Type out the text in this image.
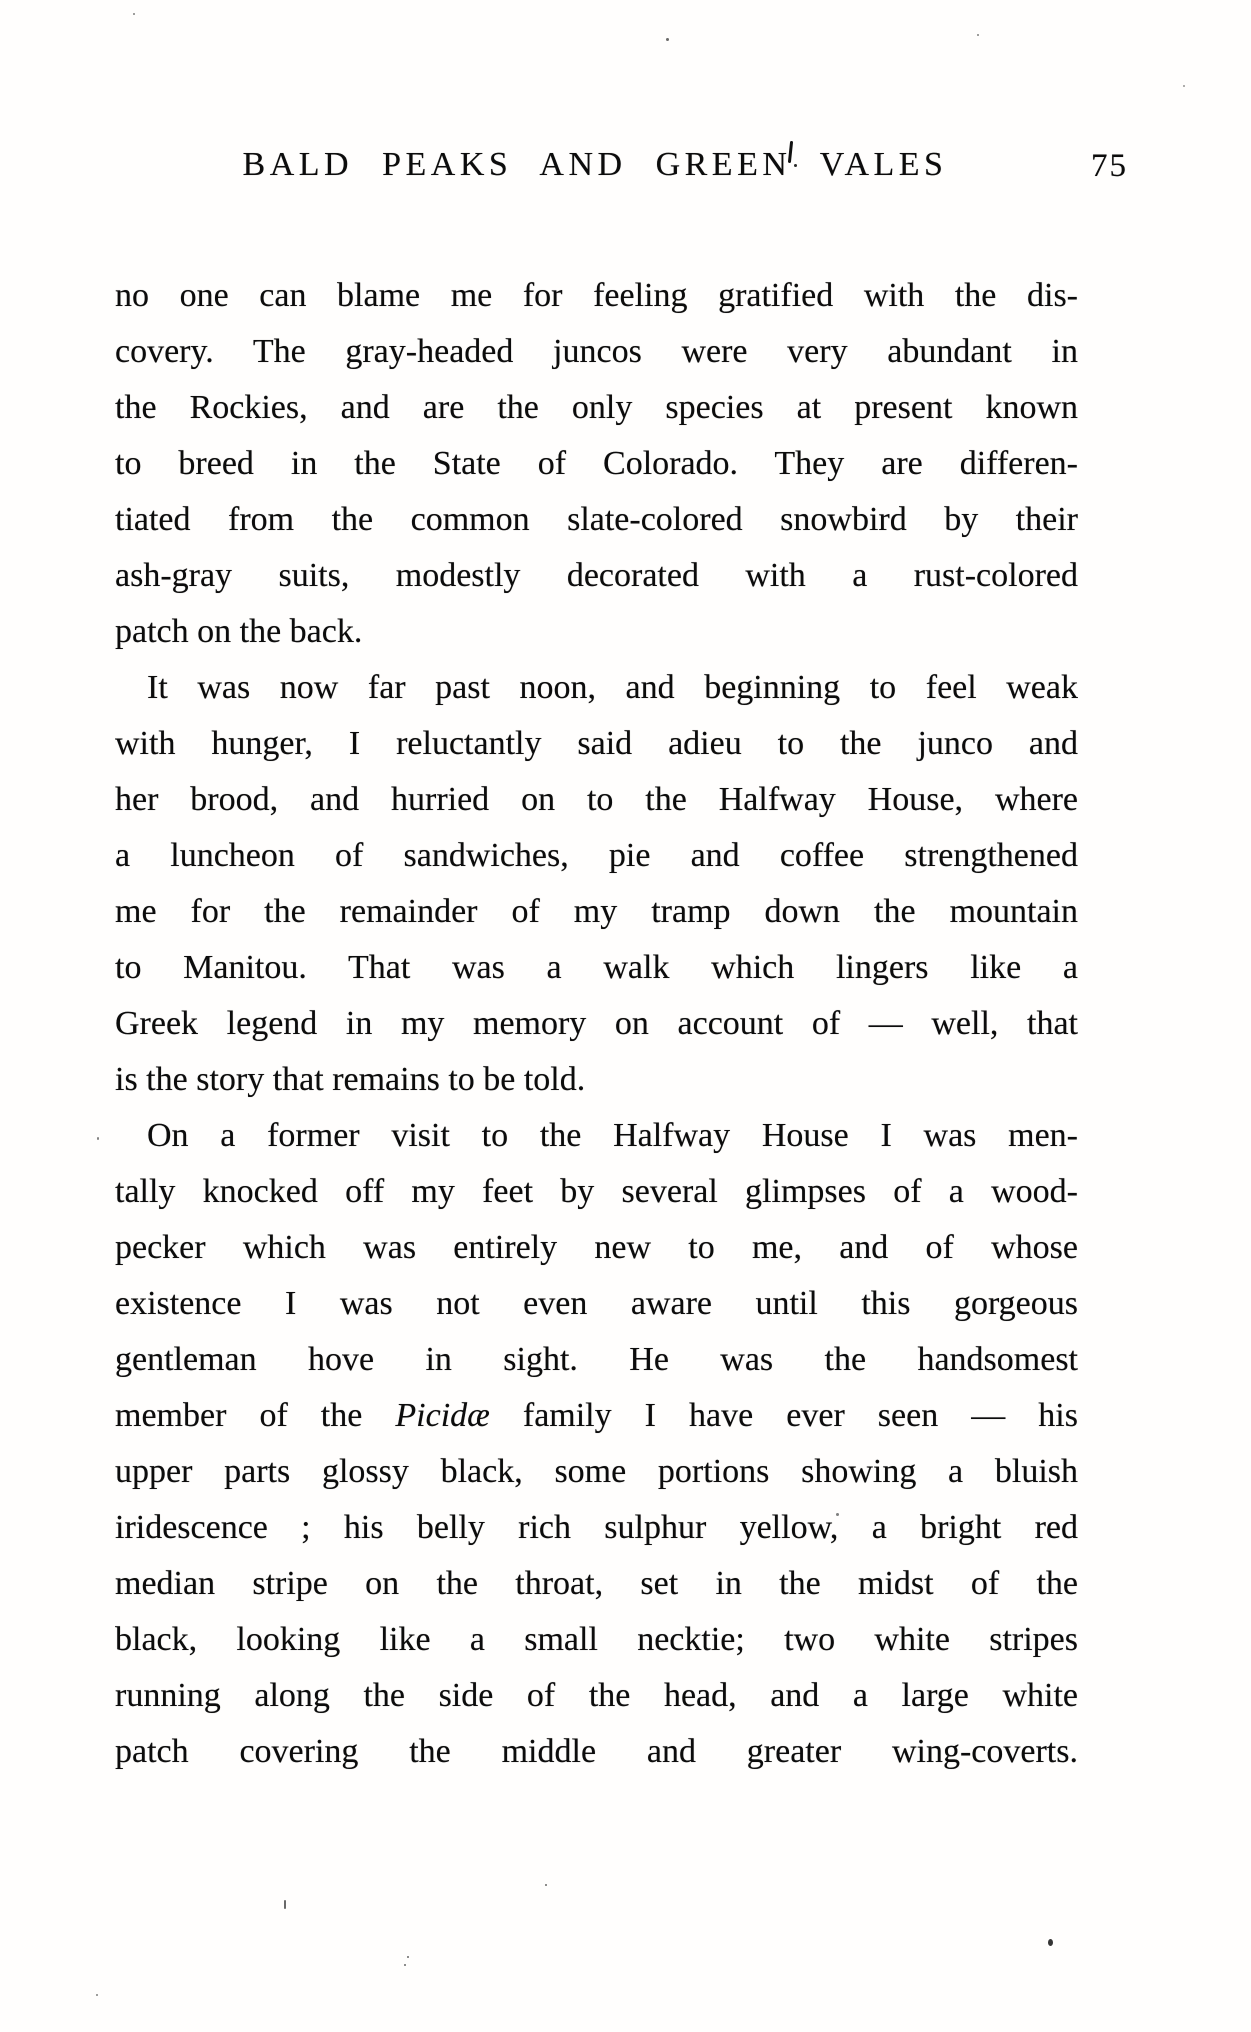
BALD PEAKS AND GREEN VALES	75
no one can blame me for feeling gratified with the dis-
covery. The gray-headed juncos were very abundant in
the Rockies, and are the only species at present known
to breed in the State of Colorado. They are differen-
tiated from the common slate-colored snowbird by their
ash-gray suits, modestly decorated with a rust-colored
patch on the back.
It was now far past noon, and beginning to feel weak
with hunger, I reluctantly said adieu to the junco and
her brood, and hurried on to the Halfway House, where
a luncheon of sandwiches, pie and coffee strengthened
me for the remainder of my tramp down the mountain
to Manitou. That was a walk which lingers like a
Greek legend in my memory on account of — well, that
is the story that remains to be told.
On a former visit to the Halfway House I was men-
tally knocked off my feet by several glimpses of a wood-
pecker which was entirely new to me, and of whose
existence I was not even aware until this gorgeous
gentleman hove in sight. He was the handsomest
member of the Picidæ family I have ever seen — his
upper parts glossy black, some portions showing a bluish
iridescence ; his belly rich sulphur yellow, a bright red
median stripe on the throat, set in the midst of the
black, looking like a small necktie; two white stripes
running along the side of the head, and a large white
patch covering the middle and greater wing-coverts.
